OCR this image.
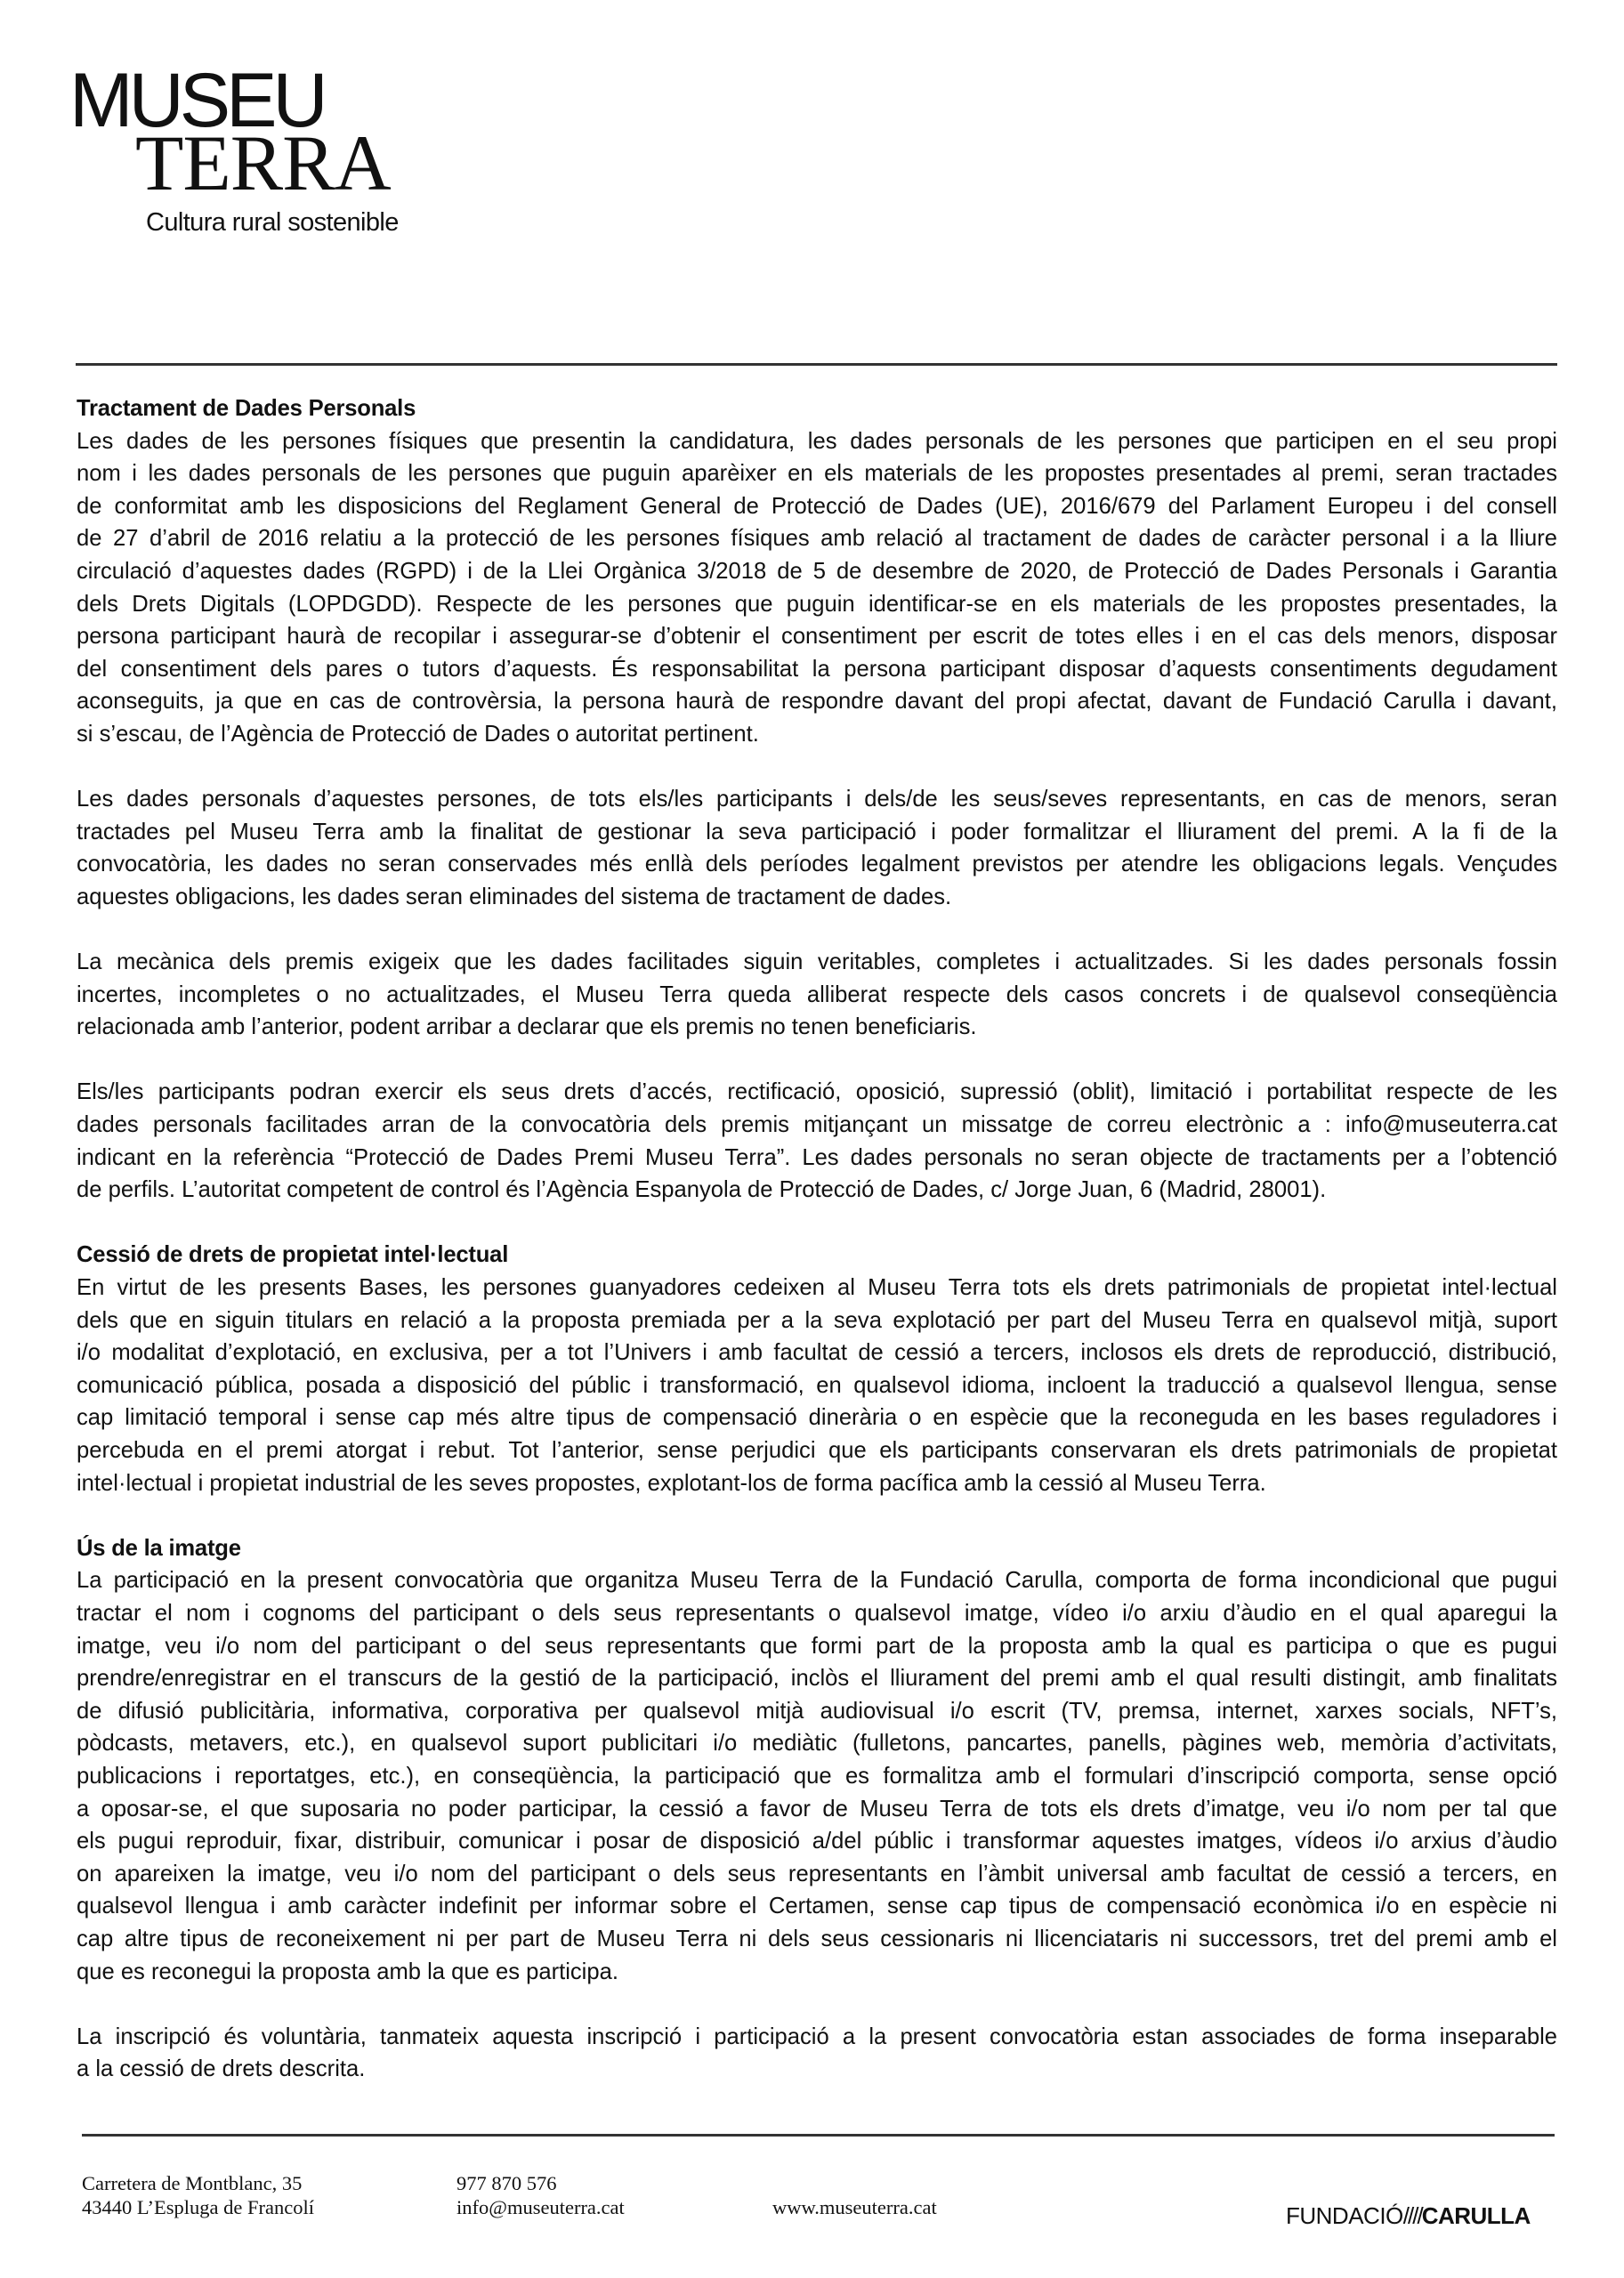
MUSEU
TERRA
Cultura rural sostenible
Tractament de Dades Personals
Les dades de les persones físiques que presentin la candidatura, les dades personals de les persones que participen en el seu propi
nom i les dades personals de les persones que puguin aparèixer en els materials de les propostes presentades al premi, seran tractades
de conformitat amb les disposicions del Reglament General de Protecció de Dades (UE), 2016/679 del Parlament Europeu i del consell
de 27 d’abril de 2016 relatiu a la protecció de les persones físiques amb relació al tractament de dades de caràcter personal i a la lliure
circulació d’aquestes dades (RGPD) i de la Llei Orgànica 3/2018 de 5 de desembre de 2020, de Protecció de Dades Personals i Garantia
dels Drets Digitals (LOPDGDD). Respecte de les persones que puguin identificar-se en els materials de les propostes presentades, la
persona participant haurà de recopilar i assegurar-se d’obtenir el consentiment per escrit de totes elles i en el cas dels menors, disposar
del consentiment dels pares o tutors d’aquests. És responsabilitat la persona participant disposar d’aquests consentiments degudament
aconseguits, ja que en cas de controvèrsia, la persona haurà de respondre davant del propi afectat, davant de Fundació Carulla i davant,
si s’escau, de l’Agència de Protecció de Dades o autoritat pertinent.
Les dades personals d’aquestes persones, de tots els/les participants i dels/de les seus/seves representants, en cas de menors, seran
tractades pel Museu Terra amb la finalitat de gestionar la seva participació i poder formalitzar el lliurament del premi. A la fi de la
convocatòria, les dades no seran conservades més enllà dels períodes legalment previstos per atendre les obligacions legals. Vençudes
aquestes obligacions, les dades seran eliminades del sistema de tractament de dades.
La mecànica dels premis exigeix que les dades facilitades siguin veritables, completes i actualitzades. Si les dades personals fossin
incertes, incompletes o no actualitzades, el Museu Terra queda alliberat respecte dels casos concrets i de qualsevol conseqüència
relacionada amb l’anterior, podent arribar a declarar que els premis no tenen beneficiaris.
Els/les participants podran exercir els seus drets d’accés, rectificació, oposició, supressió (oblit), limitació i portabilitat respecte de les
dades personals facilitades arran de la convocatòria dels premis mitjançant un missatge de correu electrònic a : info@museuterra.cat
indicant en la referència “Protecció de Dades Premi Museu Terra”. Les dades personals no seran objecte de tractaments per a l’obtenció
de perfils. L’autoritat competent de control és l’Agència Espanyola de Protecció de Dades, c/ Jorge Juan, 6 (Madrid, 28001).
Cessió de drets de propietat intel·lectual
En virtut de les presents Bases, les persones guanyadores cedeixen al Museu Terra tots els drets patrimonials de propietat intel·lectual
dels que en siguin titulars en relació a la proposta premiada per a la seva explotació per part del Museu Terra en qualsevol mitjà, suport
i/o modalitat d’explotació, en exclusiva, per a tot l’Univers i amb facultat de cessió a tercers, inclosos els drets de reproducció, distribució,
comunicació pública, posada a disposició del públic i transformació, en qualsevol idioma, incloent la traducció a qualsevol llengua, sense
cap limitació temporal i sense cap més altre tipus de compensació dineràriа o en espècie que la reconeguda en les bases reguladores i
percebuda en el premi atorgat i rebut. Tot l’anterior, sense perjudici que els participants conservaran els drets patrimonials de propietat
intel·lectual i propietat industrial de les seves propostes, explotant-los de forma pacífica amb la cessió al Museu Terra.
Ús de la imatge
La participació en la present convocatòria que organitza Museu Terra de la Fundació Carulla, comporta de forma incondicional que pugui
tractar el nom i cognoms del participant o dels seus representants o qualsevol imatge, vídeo i/o arxiu d’àudio en el qual aparegui la
imatge, veu i/o nom del participant o del seus representants que formi part de la proposta amb la qual es participa o que es pugui
prendre/enregistrar en el transcurs de la gestió de la participació, inclòs el lliurament del premi amb el qual resulti distingit, amb finalitats
de difusió publicitària, informativa, corporativa per qualsevol mitjà audiovisual i/o escrit (TV, premsa, internet, xarxes socials, NFT’s,
pòdcasts, metavers, etc.), en qualsevol suport publicitari i/o mediàtic (fulletons, pancartes, panells, pàgines web, memòria d’activitats,
publicacions i reportatges, etc.), en conseqüència, la participació que es formalitza amb el formulari d’inscripció comporta, sense opció
a oposar-se, el que suposaria no poder participar, la cessió a favor de Museu Terra de tots els drets d’imatge, veu i/o nom per tal que
els pugui reproduir, fixar, distribuir, comunicar i posar de disposició a/del públic i transformar aquestes imatges, vídeos i/o arxius d’àudio
on apareixen la imatge, veu i/o nom del participant o dels seus representants en l’àmbit universal amb facultat de cessió a tercers, en
qualsevol llengua i amb caràcter indefinit per informar sobre el Certamen, sense cap tipus de compensació econòmica i/o en espècie ni
cap altre tipus de reconeixement ni per part de Museu Terra ni dels seus cessionaris ni llicenciataris ni successors, tret del premi amb el
que es reconegui la proposta amb la que es participa.
La inscripció és voluntària, tanmateix aquesta inscripció i participació a la present convocatòria estan associades de forma inseparable
a la cessió de drets descrita.
Carretera de Montblanc, 35
43440 L’Espluga de Francolí
977 870 576
info@museuterra.cat	www.museuterra.cat	FUNDACIÓ////CARULLA
